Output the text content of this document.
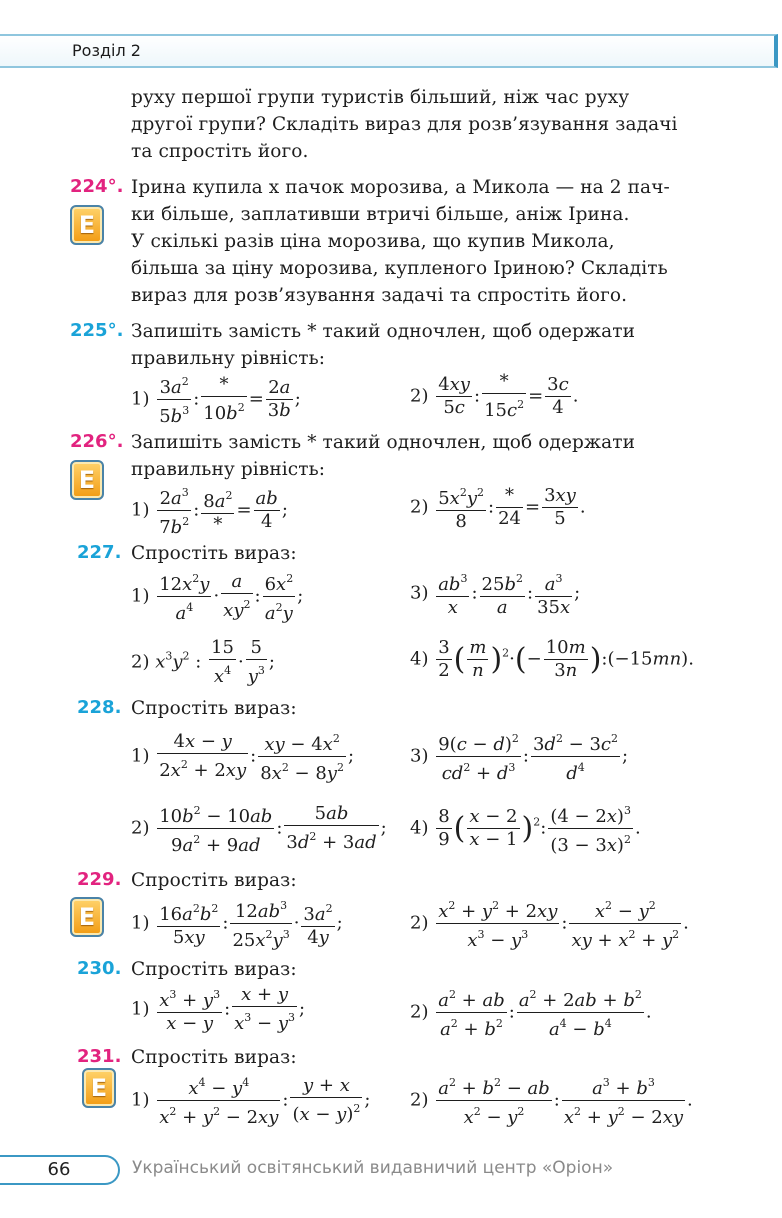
Розділ 2
руху першої групи туристів більший, ніж час руху
другої групи? Складіть вираз для розв’язування задачі
та спростіть його.
224°.
E
Ірина купила x пачок морозива, а Микола — на 2 пач-
ки більше, заплативши втричі більше, аніж Ірина.
У скількі разів ціна морозива, що купив Микола,
більша за ціну морозива, купленого Іриною? Складіть
вираз для розв’язування задачі та спростіть його.
225°. Запишіть замість * такий одночлен, щоб одержати
правильну рівність:
$1) \frac{3a^2}{5b^3}$ : $\frac{*}{10b^2} = \frac{2a}{3b}$ ;	$2) \frac{4xy}{5c}$ : $\frac{*}{15c^2} = \frac{3c}{4}$ .
226°.
E
Запишіть замість * такий одночлен, щоб одержати
правильну рівність:
$1) \frac{2a^3}{7b^2}$ : $\frac{8a^2}{*} = \frac{ab}{4}$ ;	$2) \frac{5x^2y^2}{8}$ : $\frac{*}{24} = \frac{3xy}{5}$ .
227. Спростіть вираз:
$1) \frac{12x^2y}{a^4} \cdot \frac{a}{xy^2}$ : $\frac{6x^2}{a^2y}$ ;	$3) \frac{ab^3}{x}$ : $\frac{25b^2}{a}$ : $\frac{a^3}{35x}$ ;
2) $x^3y^2$ : $\frac{15}{x^4} \cdot \frac{5}{y^3}$ ;	$4) \frac{3}{2}$ ( $\frac{m}{n} )^2\cdot(- \frac{10m}{3n}$ ):(−15mn).
228. Спростіть вираз:
$1) \frac{4x - y}{2x^2 + 2xy}$ : $\frac{xy - 4x^2}{8x^2 - 8y^2}$ ;	$3) \frac{9(c - d)^2}{cd^2 + d^3}$ : $\frac{3d^2 - 3c^2}{d^4}$ ;
$2) \frac{10b^2 - 10ab}{9a^2 + 9ad}$ : $\frac{5ab}{3d^2 + 3ad}$ ; $4) \frac{8}{9}$ ( $\frac{x - 2}{x - 1} )^2$: $\frac{(4 - 2x)^3}{(3 - 3x)^2}$ .
229.
E
Спростіть вираз:
$1) \frac{16a^2b^2}{5xy}$ : $\frac{12ab^3}{25x^2y^3} \cdot \frac{3a^2}{4y}$ ;	$2) \frac{x^2 + y^2 + 2xy}{x^3 - y^3}$ : $\frac{x^2 - y^2}{xy + x^2 + y^2}$ .
230. Спростіть вираз:
$1) \frac{x^3 + y^3}{x - y}$ : $\frac{x + y}{x^3 - y^3}$ ;	$2) \frac{a^2 + ab}{a^2 + b^2}$ : $\frac{a^2 + 2ab + b^2}{a^4 - b^4}$ .
231.
E
Спростіть вираз:
$1) \frac{x^4 - y^4}{x^2 + y^2 - 2xy}$ : $\frac{y + x}{(x - y)^2}$ ; $2) \frac{a^2 + b^2 - ab}{x^2 - y^2}$ : $\frac{a^3 + b^3}{x^2 + y^2 - 2xy}$ .
66	Український освітянський видавничий центр «Оріон»
